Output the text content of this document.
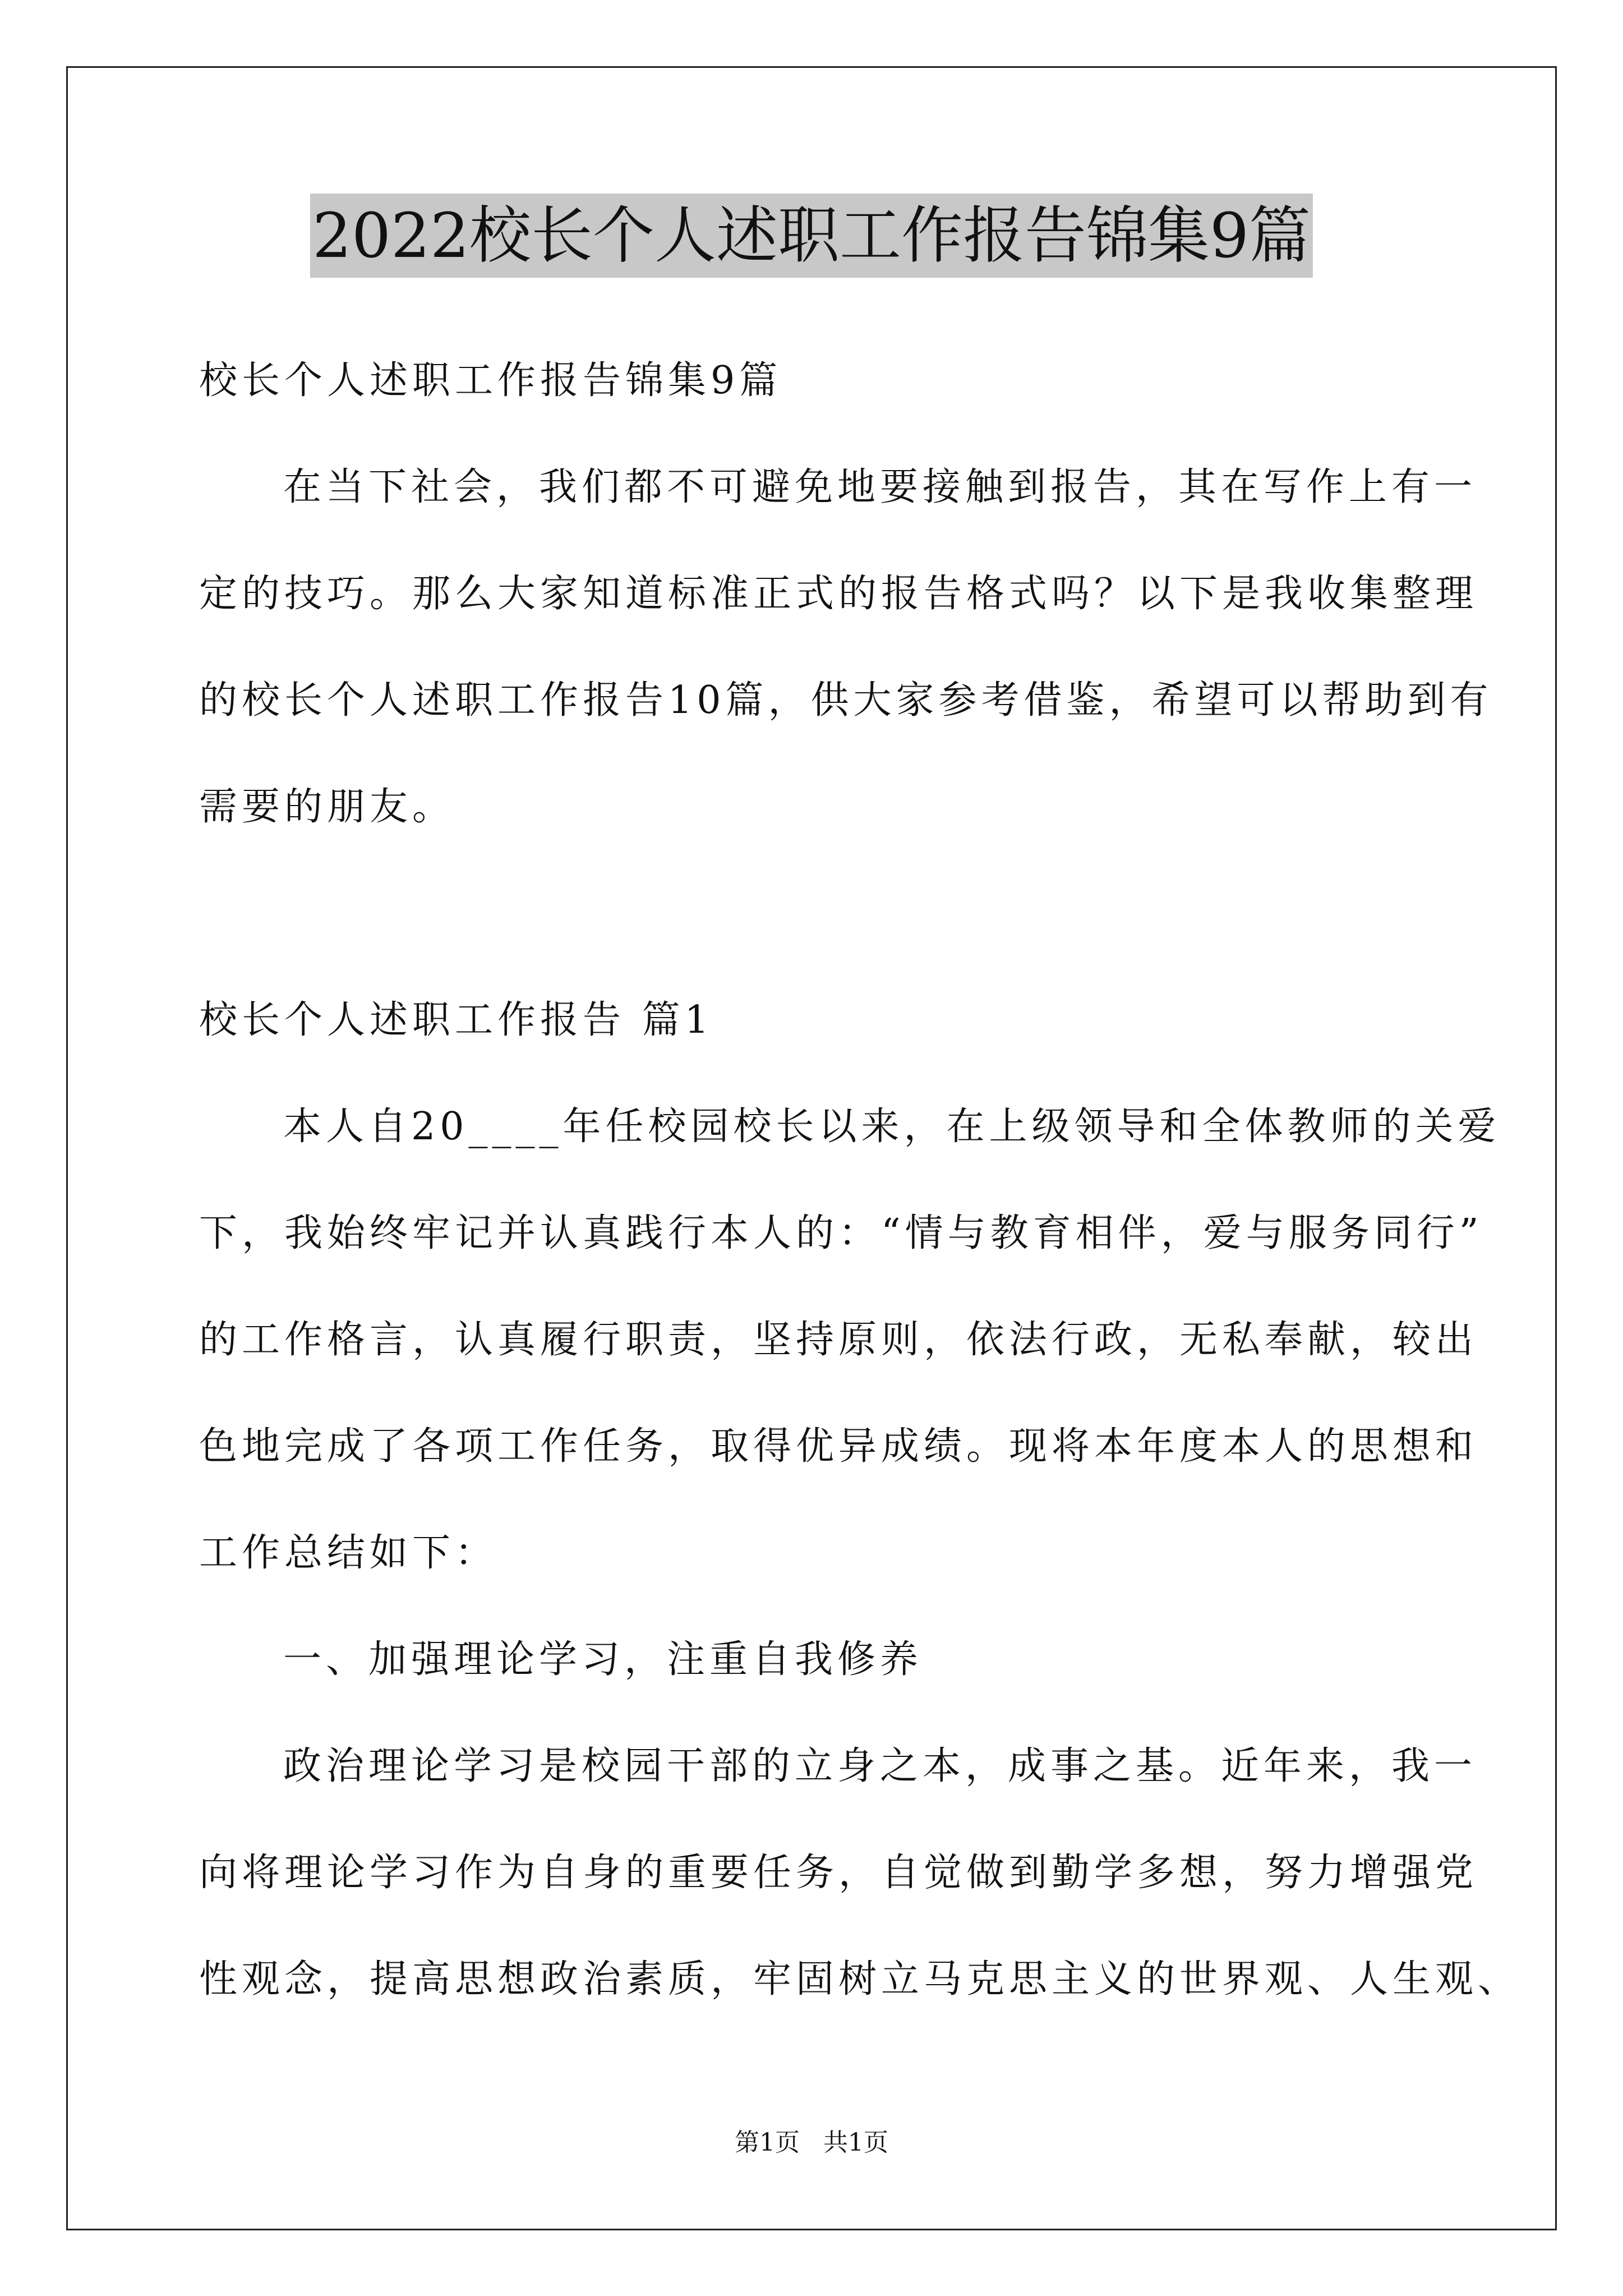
2022校长个人述职工作报告锦集9篇
校长个人述职工作报告锦集9篇
在当下社会，我们都不可避免地要接触到报告，其在写作上有一
定的技巧。那么大家知道标准正式的报告格式吗？以下是我收集整理
的校长个人述职工作报告10篇，供大家参考借鉴，希望可以帮助到有
需要的朋友。
校长个人述职工作报告 篇1
本人自20____年任校园校长以来，在上级领导和全体教师的关爱
下，我始终牢记并认真践行本人的：“情与教育相伴，爱与服务同行”
的工作格言，认真履行职责，坚持原则，依法行政，无私奉献，较出
色地完成了各项工作任务，取得优异成绩。现将本年度本人的思想和
工作总结如下：
一、加强理论学习，注重自我修养
政治理论学习是校园干部的立身之本，成事之基。近年来，我一
向将理论学习作为自身的重要任务，自觉做到勤学多想，努力增强党
性观念，提高思想政治素质，牢固树立马克思主义的世界观、人生观、
第1页   共1页
